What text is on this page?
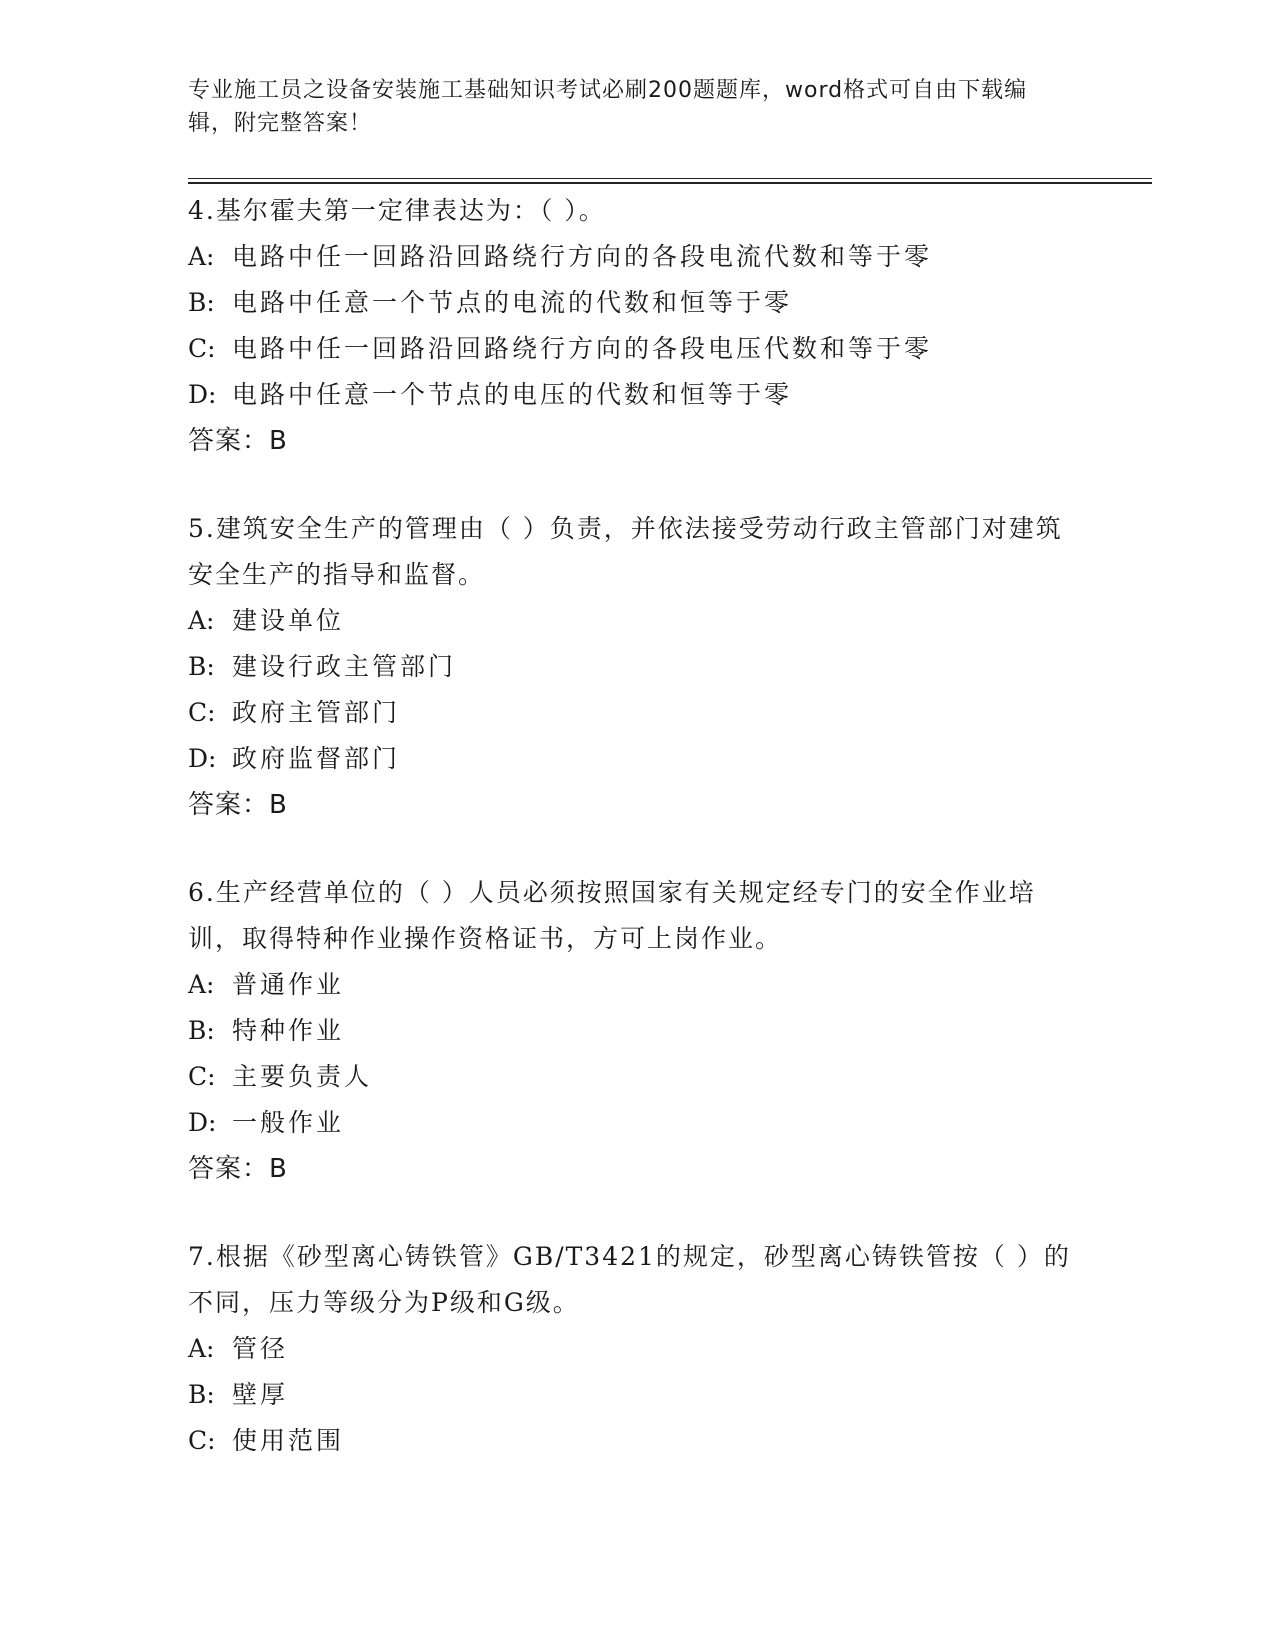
专业施工员之设备安装施工基础知识考试必刷200题题库，word格式可自由下载编辑，附完整答案！
4.基尔霍夫第一定律表达为：（ ）。
A: 电路中任一回路沿回路绕行方向的各段电流代数和等于零
B: 电路中任意一个节点的电流的代数和恒等于零
C: 电路中任一回路沿回路绕行方向的各段电压代数和等于零
D: 电路中任意一个节点的电压的代数和恒等于零
答案：B
5.建筑安全生产的管理由（ ）负责，并依法接受劳动行政主管部门对建筑安全生产的指导和监督。
A: 建设单位
B: 建设行政主管部门
C: 政府主管部门
D: 政府监督部门
答案：B
6.生产经营单位的（ ）人员必须按照国家有关规定经专门的安全作业培训，取得特种作业操作资格证书，方可上岗作业。
A: 普通作业
B: 特种作业
C: 主要负责人
D: 一般作业
答案：B
7.根据《砂型离心铸铁管》GB/T3421的规定，砂型离心铸铁管按（ ）的不同，压力等级分为P级和G级。
A: 管径
B: 壁厚
C: 使用范围
